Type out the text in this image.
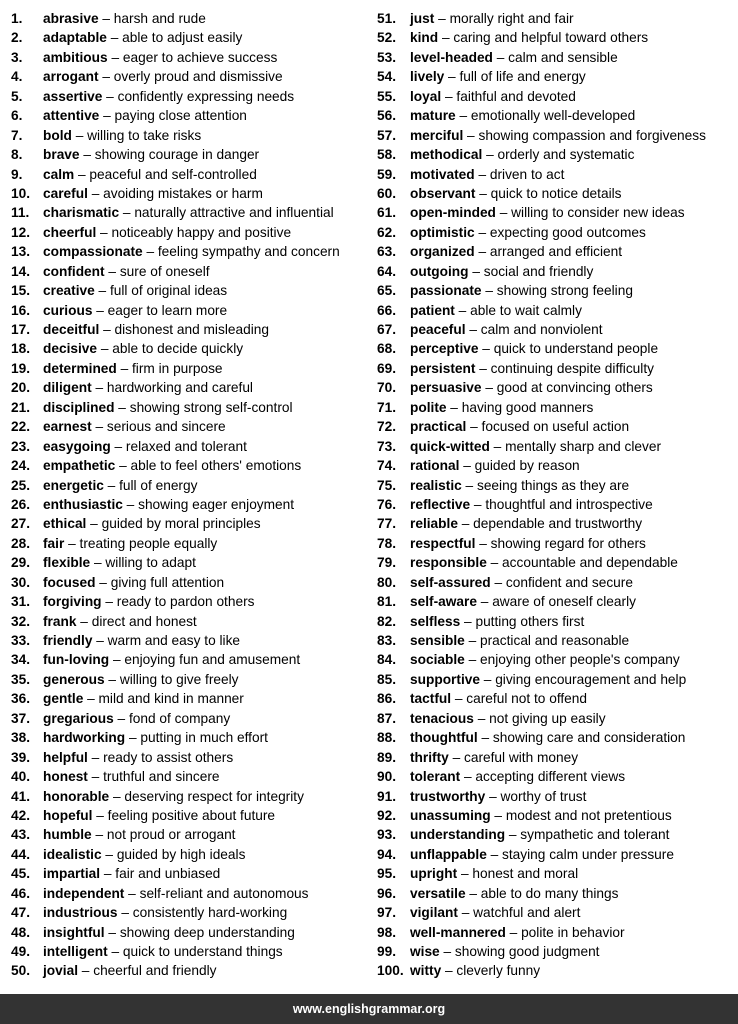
1.	abrasive – harsh and rude
2.	adaptable – able to adjust easily
3.	ambitious – eager to achieve success
4.	arrogant – overly proud and dismissive
5.	assertive – confidently expressing needs
6.	attentive – paying close attention
7.	bold – willing to take risks
8.	brave – showing courage in danger
9.	calm – peaceful and self-controlled
10. careful – avoiding mistakes or harm
11.	charismatic – naturally attractive and influential
12. cheerful – noticeably happy and positive
13. compassionate – feeling sympathy and concern
14. confident – sure of oneself
15. creative – full of original ideas
16. curious – eager to learn more
17. deceitful – dishonest and misleading
18. decisive – able to decide quickly
19. determined – firm in purpose
20. diligent – hardworking and careful
21. disciplined – showing strong self-control
22. earnest – serious and sincere
23. easygoing – relaxed and tolerant
24. empathetic – able to feel others' emotions
25. energetic – full of energy
26. enthusiastic – showing eager enjoyment
27. ethical – guided by moral principles
28. fair – treating people equally
29. flexible – willing to adapt
30. focused – giving full attention
31. forgiving – ready to pardon others
32. frank – direct and honest
33. friendly – warm and easy to like
34. fun-loving – enjoying fun and amusement
35. generous – willing to give freely
36. gentle – mild and kind in manner
37. gregarious – fond of company
38. hardworking – putting in much effort
39. helpful – ready to assist others
40. honest – truthful and sincere
41. honorable – deserving respect for integrity
42. hopeful – feeling positive about future
43. humble – not proud or arrogant
44. idealistic – guided by high ideals
45. impartial – fair and unbiased
46. independent – self-reliant and autonomous
47. industrious – consistently hard-working
48. insightful – showing deep understanding
49. intelligent – quick to understand things
50. jovial – cheerful and friendly
51.	just – morally right and fair
52.	kind – caring and helpful toward others
53.	level-headed – calm and sensible
54.	lively – full of life and energy
55.	loyal – faithful and devoted
56.	mature – emotionally well-developed
57.	merciful – showing compassion and forgiveness
58.	methodical – orderly and systematic
59.	motivated – driven to act
60.	observant – quick to notice details
61.	open-minded – willing to consider new ideas
62.	optimistic – expecting good outcomes
63.	organized – arranged and efficient
64.	outgoing – social and friendly
65.	passionate – showing strong feeling
66.	patient – able to wait calmly
67.	peaceful – calm and nonviolent
68.	perceptive – quick to understand people
69.	persistent – continuing despite difficulty
70.	persuasive – good at convincing others
71.	polite – having good manners
72.	practical – focused on useful action
73.	quick-witted – mentally sharp and clever
74.	rational – guided by reason
75.	realistic – seeing things as they are
76.	reflective – thoughtful and introspective
77.	reliable – dependable and trustworthy
78.	respectful – showing regard for others
79.	responsible – accountable and dependable
80.	self-assured – confident and secure
81.	self-aware – aware of oneself clearly
82.	selfless – putting others first
83.	sensible – practical and reasonable
84.	sociable – enjoying other people's company
85.	supportive – giving encouragement and help
86.	tactful – careful not to offend
87.	tenacious – not giving up easily
88.	thoughtful – showing care and consideration
89.	thrifty – careful with money
90.	tolerant – accepting different views
91.	trustworthy – worthy of trust
92.	unassuming – modest and not pretentious
93.	understanding – sympathetic and tolerant
94.	unflappable – staying calm under pressure
95.	upright – honest and moral
96.	versatile – able to do many things
97.	vigilant – watchful and alert
98.	well-mannered – polite in behavior
99.	wise – showing good judgment
100. witty – cleverly funny
www.englishgrammar.org
